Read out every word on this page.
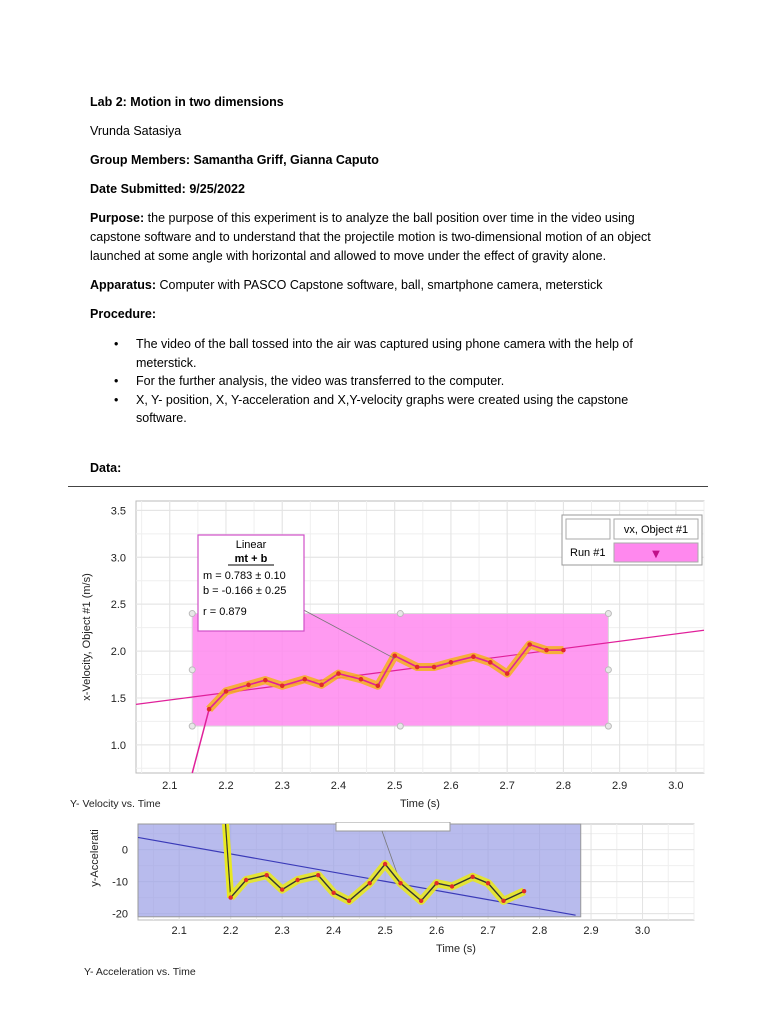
Lab 2: Motion in two dimensions
Vrunda Satasiya
Group Members: Samantha Griff, Gianna Caputo
Date Submitted: 9/25/2022
Purpose: the purpose of this experiment is to analyze the ball position over time in the video using
capstone software and to understand that the projectile motion is two-dimensional motion of an object
launched at some angle with horizontal and allowed to move under the effect of gravity alone.
Apparatus: Computer with PASCO Capstone software, ball, smartphone camera, meterstick
Procedure:
• The video of the ball tossed into the air was captured using phone camera with the help of
meterstick.
• For the further analysis, the video was transferred to the computer.
• X, Y- position, X, Y-acceleration and X,Y-velocity graphs were created using the capstone
software.
Data:
2.1	2.2	2.3	2.4	2.5	2.6	2.7	2.8	2.9	3.0
1.0
1.5
2.0
2.5
3.0
3.5
Time (s)
x-Velocity, Object #1 (m/s)
Linear
mt + b
m = 0.783 ± 0.10
b = -0.166 ± 0.25
r = 0.879
vx, Object #1
Run #1	▼
Y- Velocity vs. Time
2.1	2.2	2.3	2.4	2.5	2.6	2.7	2.8	2.9	3.0
-20
-10
0
Time (s)
y-Accelerati
Y- Acceleration vs. Time
